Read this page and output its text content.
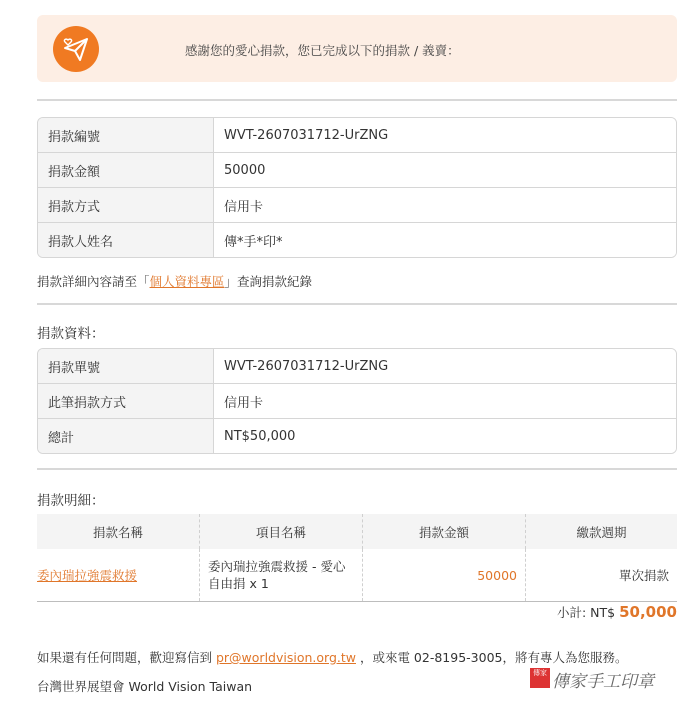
感謝您的愛心捐款，您已完成以下的捐款 / 義賣：
捐款編號	WVT-2607031712-UrZNG
捐款金額	50000
捐款方式	信用卡
捐款人姓名	傳*手*印*
捐款詳細內容請至「個人資料專區」查詢捐款紀錄
捐款資料：
捐款單號	WVT-2607031712-UrZNG
此筆捐款方式	信用卡
總計	NT$50,000
捐款明細：
捐款名稱	項目名稱	捐款金額	繳款週期
委內瑞拉強震救援	委內瑞拉強震救援 - 愛心自由捐 x 1	50000	單次捐款
小計: NT$ 50,000
如果還有任何問題，歡迎寫信到 pr@worldvision.org.tw ，或來電 02-8195-3005，將有專人為您服務。
台灣世界展望會 World Vision Taiwan
傳家 傳家手工印章
